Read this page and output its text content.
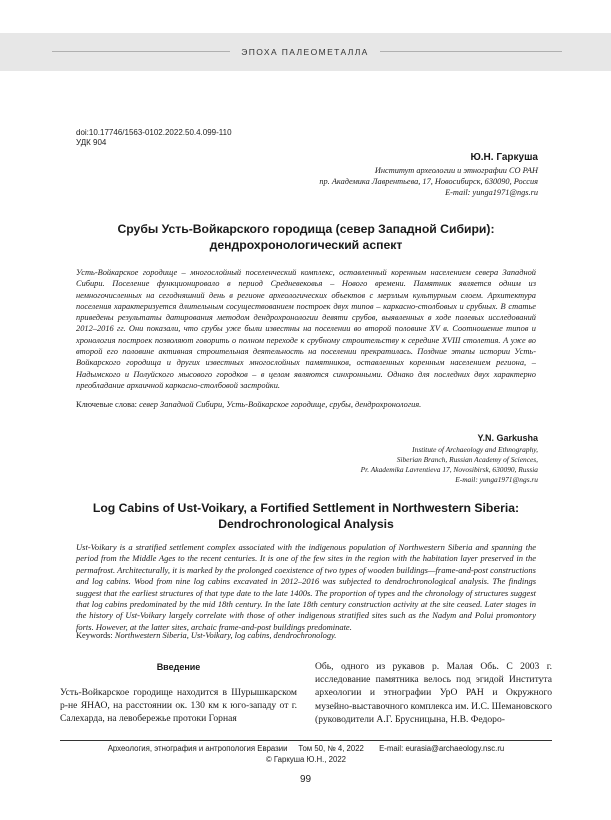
ЭПОХА ПАЛЕОМЕТАЛЛА
doi:10.17746/1563-0102.2022.50.4.099-110
УДК 904
Ю.Н. Гаркуша
Институт археологии и этнографии СО РАН
пр. Академика Лаврентьева, 17, Новосибирск, 630090, Россия
E-mail: yunga1971@ngs.ru
Срубы Усть-Войкарского городища (север Западной Сибири):
дендрохронологический аспект

Усть-Войкарское городище – многослойный поселенческий комплекс, оставленный коренным населением севера Западной Сибири. Поселение функционировало в период Средневековья – Нового времени. Памятник является одним из немногочисленных на сегодняшний день в регионе археологических объектов с мерзлым культурным слоем. Архитектура поселения характеризуется длительным сосуществованием построек двух типов – каркасно-столбовых и срубных. В статье приведены результаты датирования методом дендрохронологии девяти срубов, выявленных в ходе полевых исследований 2012–2016 гг. Они показали, что срубы уже были известны на поселении во второй половине XV в. Соотношение типов и хронология построек позволяют говорить о полном переходе к срубному строительству к середине XVIII столетия. А уже во второй его половине активная строительная деятельность на поселении прекратилась. Поздние этапы истории Усть-Войкарского городища и других известных многослойных памятников, оставленных коренным населением региона, – Надымского и Полуйского мысового городков – в целом являются синхронными. Однако для последних двух характерно преобладание архаичной каркасно-столбовой застройки.

Ключевые слова: север Западной Сибири, Усть-Войкарское городище, срубы, дендрохронология.
Y.N. Garkusha
Institute of Archaeology and Ethnography,
Siberian Branch, Russian Academy of Sciences,
Pr. Akademika Lavrentieva 17, Novosibirsk, 630090, Russia
E-mail: yunga1971@ngs.ru
Log Cabins of Ust-Voikary, a Fortified Settlement in Northwestern Siberia:
Dendrochronological Analysis

Ust-Voikary is a stratified settlement complex associated with the indigenous population of Northwestern Siberia and spanning the period from the Middle Ages to the recent centuries. It is one of the few sites in the region with the habitation layer preserved in the permafrost. Architecturally, it is marked by the prolonged coexistence of two types of wooden buildings—frame-and-post constructions and log cabins. Wood from nine log cabins excavated in 2012–2016 was subjected to dendrochronological analysis. The findings suggest that the earliest structures of that type date to the late 1400s. The proportion of types and the chronology of structures suggest that log cabins predominated by the mid 18th century. In the late 18th century construction activity at the site ceased. Later stages in the history of Ust-Voikary largely correlate with those of other indigenous stratified sites such as the Nadym and Polui promontory forts. However, at the latter sites, archaic frame-and-post buildings predominate.

Keywords: Northwestern Siberia, Ust-Voikary, log cabins, dendrochronology.
Введение

Усть-Войкарское городище находится в Шурышкарском р-не ЯНАО, на расстоянии ок. 130 км к юго-западу от г. Салехарда, на левобережье протоки Горная

Обь, одного из рукавов р. Малая Обь. С 2003 г. исследование памятника велось под эгидой Института археологии и этнографии УрО РАН и Окружного музейно-выставочного комплекса им. И.С. Шемановского (руководители А.Г. Брусницына, Н.В. Федоро-

Археология, этнография и антропология Евразии Том 50, № 4, 2022 E-mail: eurasia@archaeology.nsc.ru
© Гаркуша Ю.Н., 2022
99
